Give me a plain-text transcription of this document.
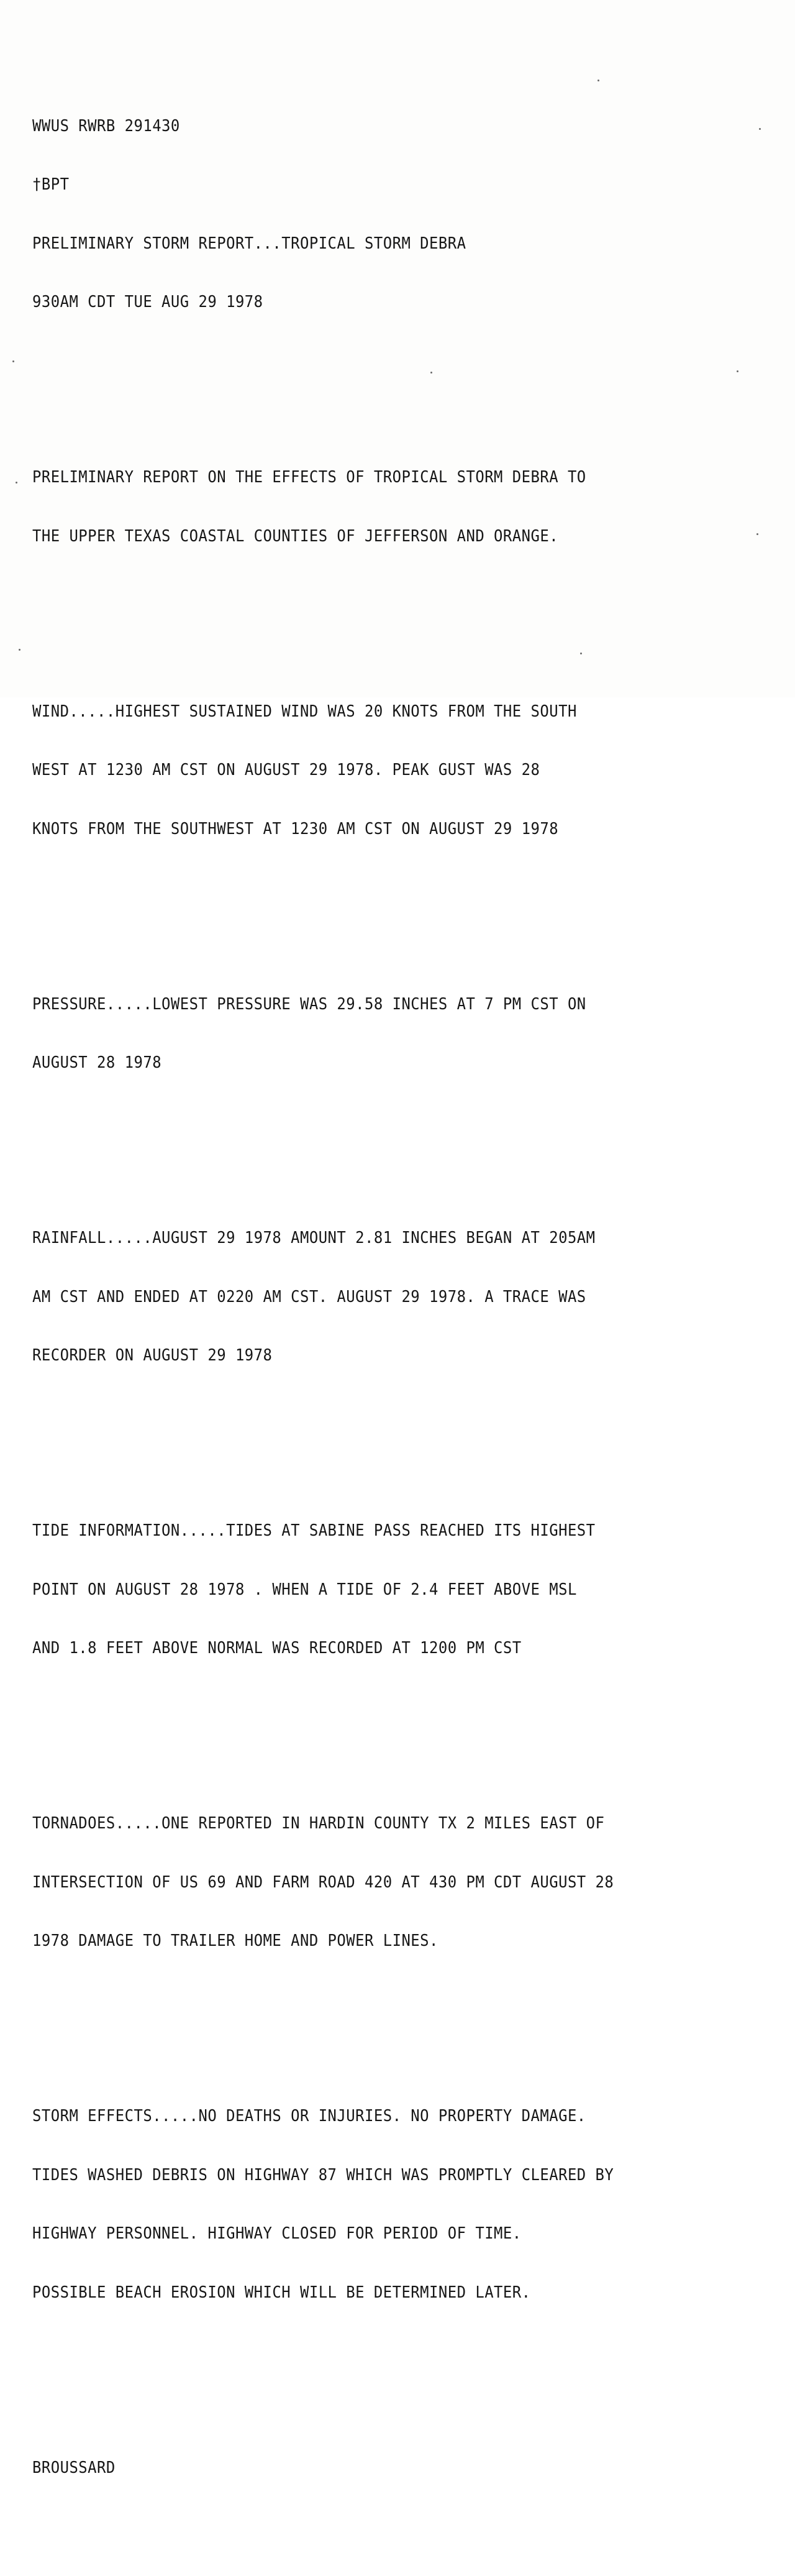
WWUS RWRB 291430

†BPT

PRELIMINARY STORM REPORT...TROPICAL STORM DEBRA

930AM CDT TUE AUG 29 1978

PRELIMINARY REPORT ON THE EFFECTS OF TROPICAL STORM DEBRA TO

THE UPPER TEXAS COASTAL COUNTIES OF JEFFERSON AND ORANGE.

WIND.....HIGHEST SUSTAINED WIND WAS 20 KNOTS FROM THE SOUTH

WEST AT 1230 AM CST ON AUGUST 29 1978. PEAK GUST WAS 28

KNOTS FROM THE SOUTHWEST AT 1230 AM CST ON AUGUST 29 1978

PRESSURE.....LOWEST PRESSURE WAS 29.58 INCHES AT 7 PM CST ON

AUGUST 28 1978

RAINFALL.....AUGUST 29 1978 AMOUNT 2.81 INCHES BEGAN AT 205AM

AM CST AND ENDED AT 0220 AM CST. AUGUST 29 1978. A TRACE WAS

RECORDER ON AUGUST 29 1978

TIDE INFORMATION.....TIDES AT SABINE PASS REACHED ITS HIGHEST

POINT ON AUGUST 28 1978 . WHEN A TIDE OF 2.4 FEET ABOVE MSL

AND 1.8 FEET ABOVE NORMAL WAS RECORDED AT 1200 PM CST

TORNADOES.....ONE REPORTED IN HARDIN COUNTY TX 2 MILES EAST OF

INTERSECTION OF US 69 AND FARM ROAD 420 AT 430 PM CDT AUGUST 28

1978 DAMAGE TO TRAILER HOME AND POWER LINES.

STORM EFFECTS.....NO DEATHS OR INJURIES. NO PROPERTY DAMAGE.

TIDES WASHED DEBRIS ON HIGHWAY 87 WHICH WAS PROMPTLY CLEARED BY

HIGHWAY PERSONNEL. HIGHWAY CLOSED FOR PERIOD OF TIME.

POSSIBLE BEACH EROSION WHICH WILL BE DETERMINED LATER.

BROUSSARD
